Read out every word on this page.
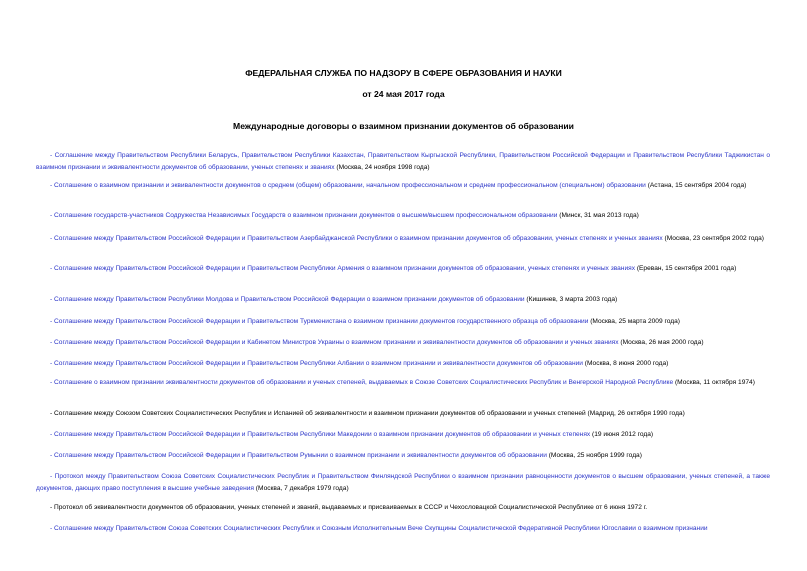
ФЕДЕРАЛЬНАЯ СЛУЖБА ПО НАДЗОРУ В СФЕРЕ ОБРАЗОВАНИЯ И НАУКИ
от 24 мая 2017 года
Международные договоры о взаимном признании документов об образовании
- Соглашение между Правительством Республики Беларусь, Правительством Республики Казахстан, Правительством Кыргызской Республики, Правительством Российской Федерации и Правительством Республики Таджикистан о взаимном признании и эквивалентности документов об образовании, ученых степенях и званиях (Москва, 24 ноября 1998 года)
- Соглашение о взаимном признании и эквивалентности документов о среднем (общем) образовании, начальном профессиональном и среднем профессиональном (специальном) образовании (Астана, 15 сентября 2004 года)
- Соглашение государств-участников Содружества Независимых Государств о взаимном признании документов о высшем/высшем профессиональном образовании (Минск, 31 мая 2013 года)
- Соглашение между Правительством Российской Федерации и Правительством Азербайджанской Республики о взаимном признании документов об образовании, ученых степенях и ученых званиях (Москва, 23 сентября 2002 года)
- Соглашение между Правительством Российской Федерации и Правительством Республики Армения о взаимном признании документов об образовании, ученых степенях и ученых званиях (Ереван, 15 сентября 2001 года)
- Соглашение между Правительством Республики Молдова и Правительством Российской Федерации о взаимном признании документов об образовании (Кишинев, 3 марта 2003 года)
- Соглашение между Правительством Российской Федерации и Правительством Туркменистана о взаимном признании документов государственного образца об образовании (Москва, 25 марта 2009 года)
- Соглашение между Правительством Российской Федерации и Кабинетом Министров Украины о взаимном признании и эквивалентности документов об образовании и ученых званиях (Москва, 26 мая 2000 года)
- Соглашение между Правительством Российской Федерации и Правительством Республики Албании о взаимном признании и эквивалентности документов об образовании (Москва, 8 июня 2000 года)
- Соглашение о взаимном признании эквивалентности документов об образовании и ученых степеней, выдаваемых в Союзе Советских Социалистических Республик и Венгерской Народной Республике (Москва, 11 октября 1974)
- Соглашение между Союзом Советских Социалистических Республик и Испанией об эквивалентности и взаимном признании документов об образовании и ученых степеней (Мадрид, 26 октября 1990 года)
- Соглашение между Правительством Российской Федерации и Правительством Республики Македонии о взаимном признании документов об образовании и ученых степенях (19 июня 2012 года)
- Соглашение между Правительством Российской Федерации и Правительством Румынии о взаимном признании и эквивалентности документов об образовании (Москва, 25 ноября 1999 года)
- Протокол между Правительством Союза Советских Социалистических Республик и Правительством Финляндской Республики о взаимном признании равноценности документов о высшем образовании, ученых степеней, а также документов, дающих право поступления в высшие учебные заведения (Москва, 7 декабря 1979 года)
- Протокол об эквивалентности документов об образовании, ученых степеней и званий, выдаваемых и присваиваемых в СССР и Чехословацкой Социалистической Республике от 6 июня 1972 г.
- Соглашение между Правительством Союза Советских Социалистических Республик и Союзным Исполнительным Вече Скупщины Социалистической Федеративной Республики Югославии о взаимном признании
